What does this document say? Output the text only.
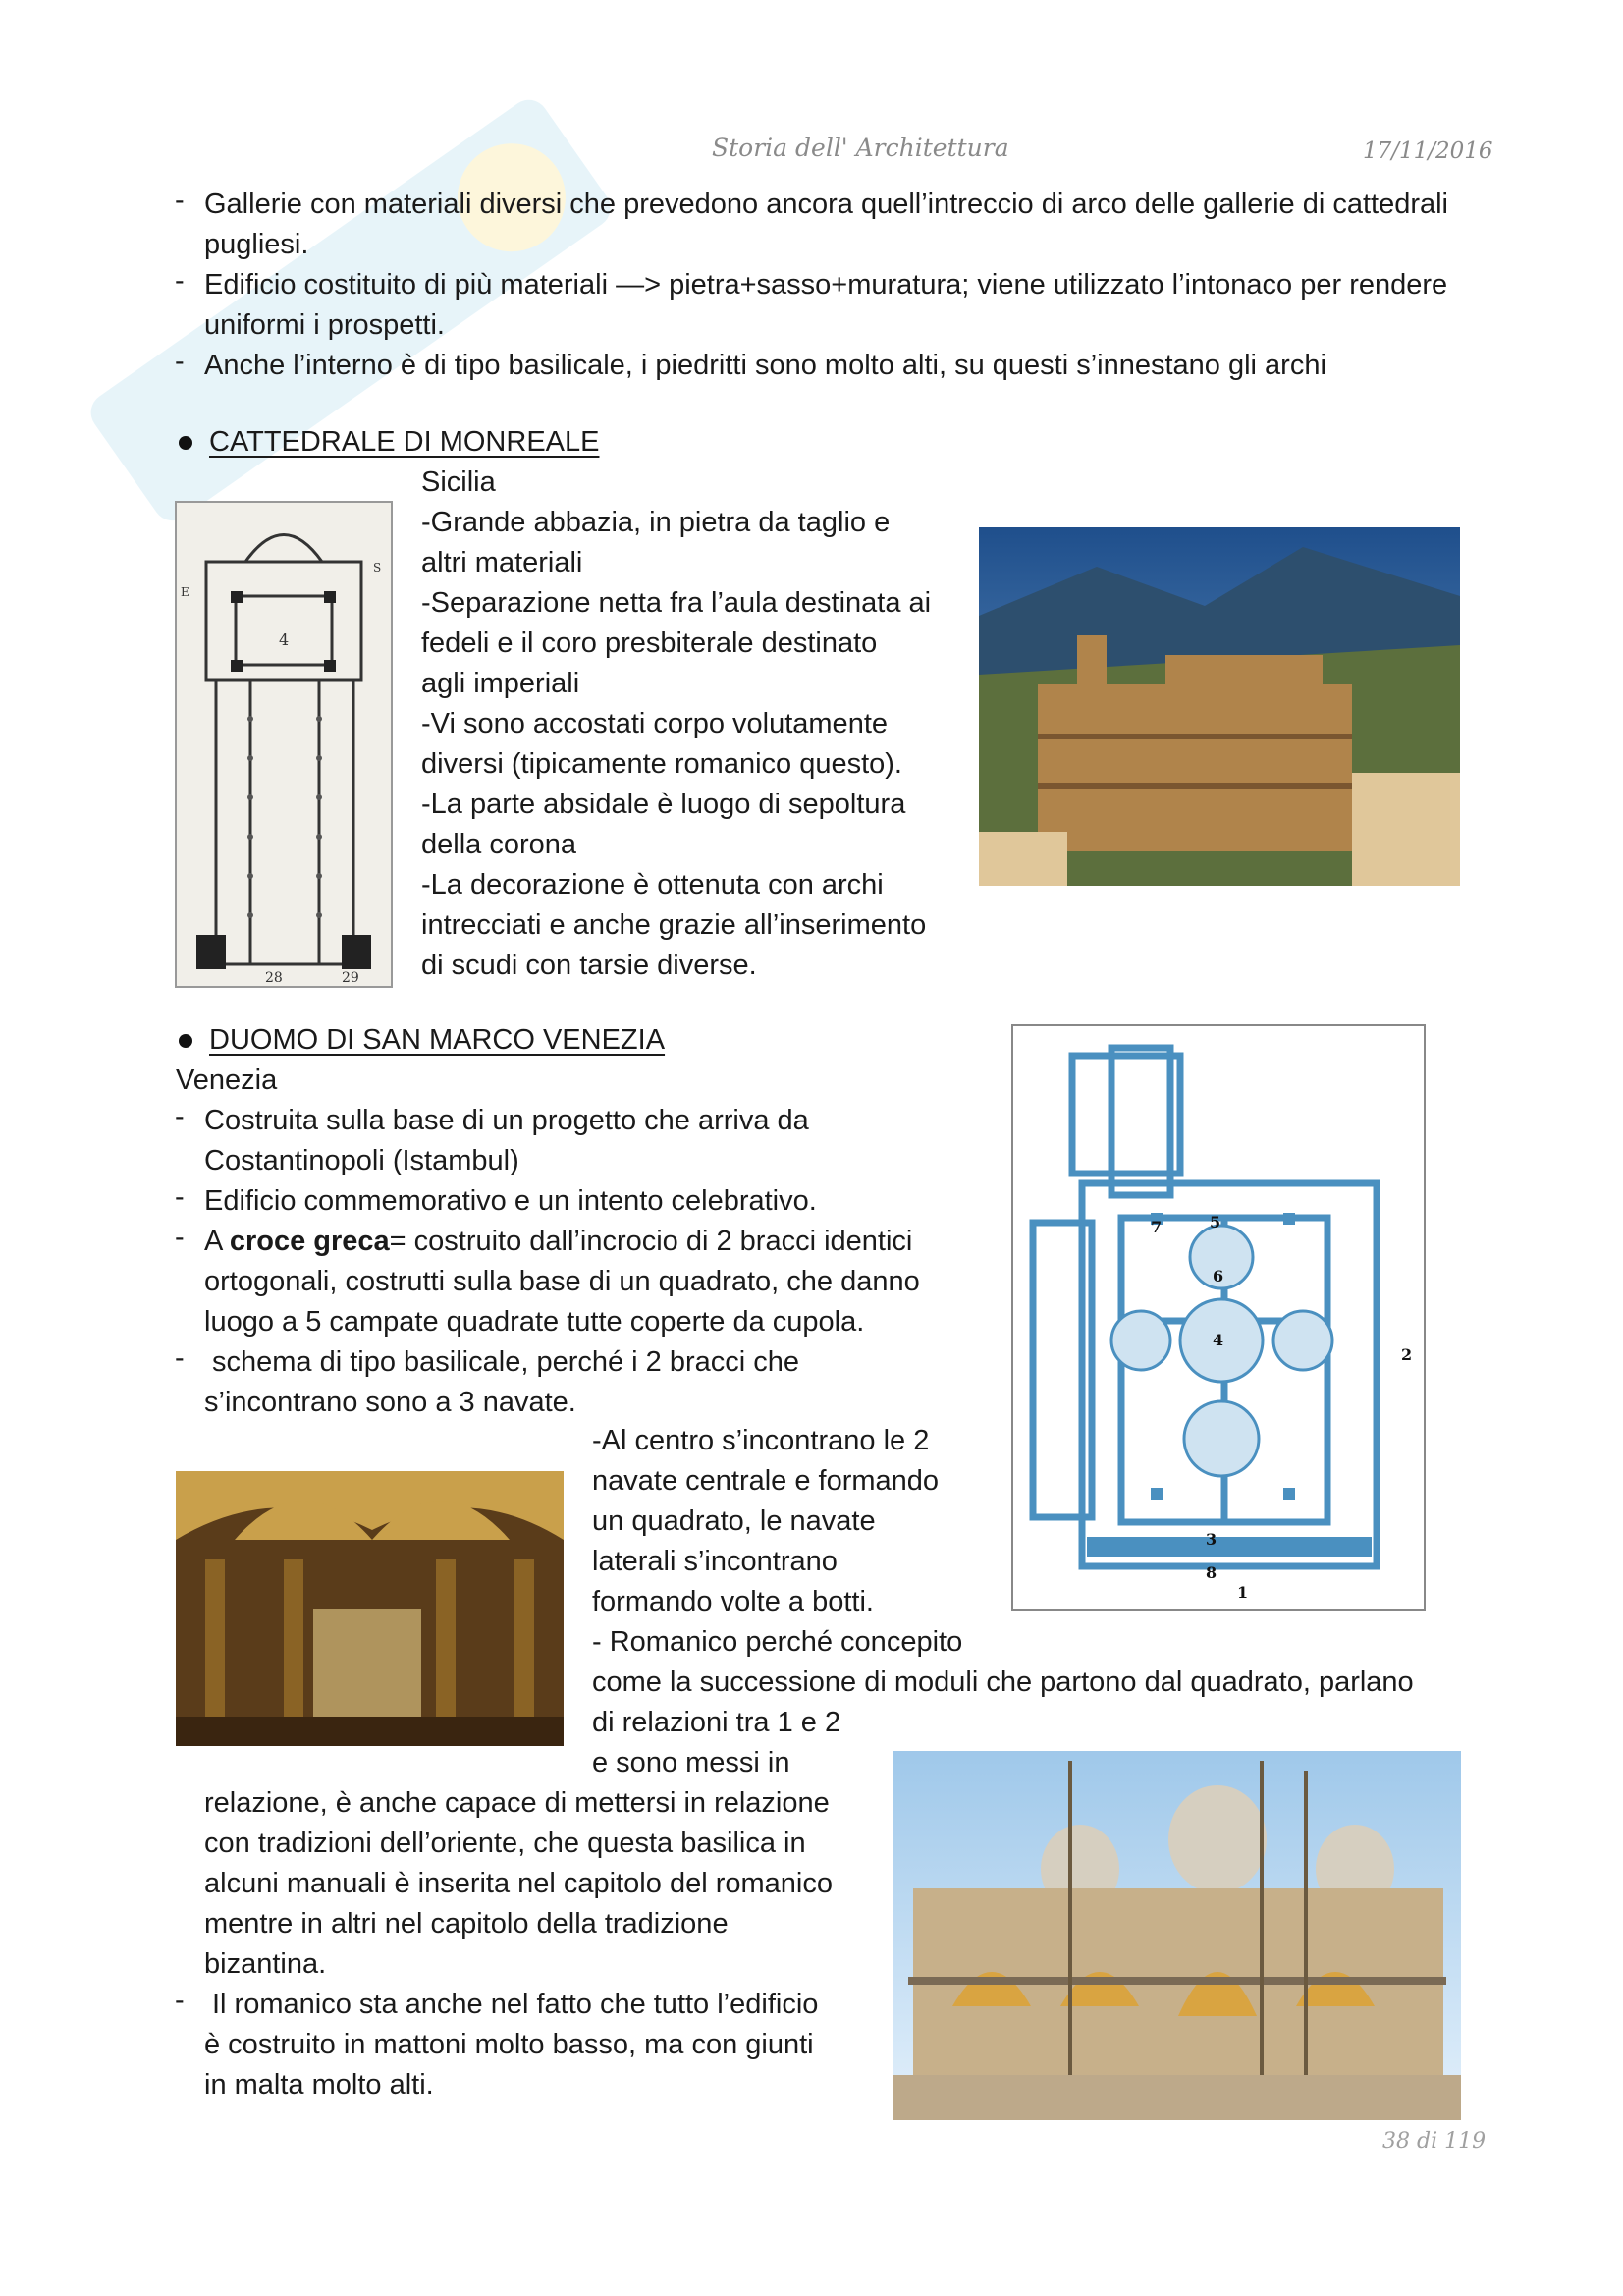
Storia dell' Architettura	17/11/2016

- Gallerie con materiali diversi che prevedono ancora quell’intreccio di arco delle gallerie di cattedrali pugliesi.

- Edificio costituito di più materiali —> pietra+sasso+muratura; viene utilizzato l’intonaco per rendere uniformi i prospetti.

- Anche l’interno è di tipo basilicale, i piedritti sono molto alti, su questi s’innestano gli archi

CATTEDRALE DI MONREALE

Sicilia

-Grande abbazia, in pietra da taglio e

altri materiali

-Separazione netta fra l’aula destinata ai

fedeli e il coro presbiterale destinato

agli imperiali

-Vi sono accostati corpo volutamente

diversi (tipicamente romanico questo).

-La parte absidale è luogo di sepoltura

della corona

-La decorazione è ottenuta con archi

intrecciati e anche grazie all’inserimento

di scudi con tarsie diverse.

4
E
S
28	29
DUOMO DI SAN MARCO VENEZIA
Venezia

- Costruita sulla base di un progetto che arriva da

Costantinopoli (Istambul)

- Edificio commemorativo e un intento celebrativo.

- A croce greca= costruito dall’incrocio di 2 bracci identici

ortogonali, costrutti sulla base di un quadrato, che danno

luogo a 5 campate quadrate tutte coperte da cupola.

- schema di tipo basilicale, perché i 2 bracci che

s’incontrano sono a 3 navate.

7	5
6
4
2
3
8
1

-Al centro s’incontrano le 2

navate centrale e formando

un quadrato, le navate

laterali s’incontrano

formando volte a botti.

- Romanico perché concepito

come la successione di moduli che partono dal quadrato, parlano

di relazioni tra 1 e 2

e sono messi in

relazione, è anche capace di mettersi in relazione

con tradizioni dell’oriente, che questa basilica in

alcuni manuali è inserita nel capitolo del romanico

mentre in altri nel capitolo della tradizione

bizantina.

- Il romanico sta anche nel fatto che tutto l’edificio

è costruito in mattoni molto basso, ma con giunti

in malta molto alti.

38 di 119
